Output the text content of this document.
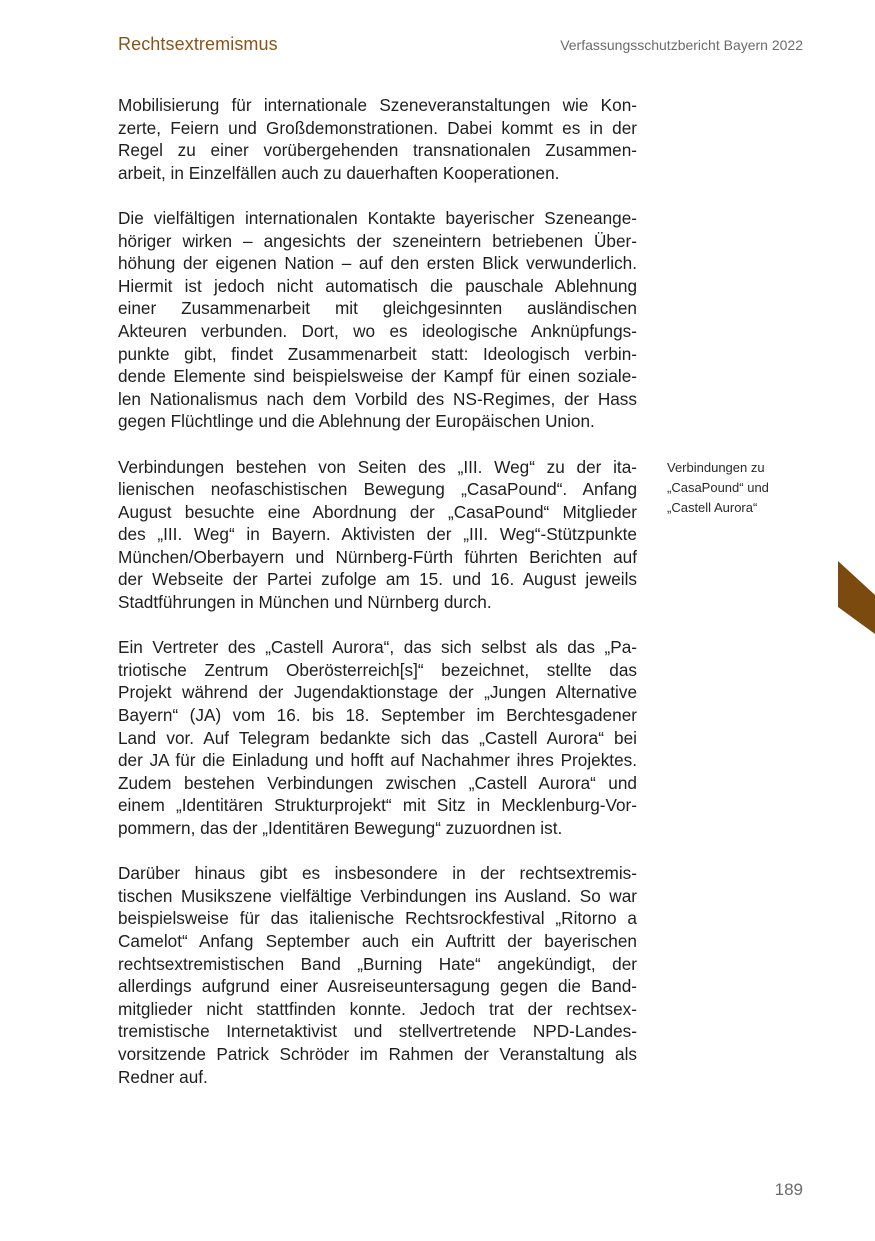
Rechtsextremismus	Verfassungsschutzbericht Bayern 2022

Mobilisierung für internationale Szeneveranstaltungen wie Kon-
zerte, Feiern und Großdemonstrationen. Dabei kommt es in der
Regel zu einer vorübergehenden transnationalen Zusammen-
arbeit, in Einzelfällen auch zu dauerhaften Kooperationen.

Die vielfältigen internationalen Kontakte bayerischer Szeneange-
höriger wirken – angesichts der szeneintern betriebenen Über-
höhung der eigenen Nation – auf den ersten Blick verwunderlich.
Hiermit ist jedoch nicht automatisch die pauschale Ablehnung
einer Zusammenarbeit mit gleichgesinnten ausländischen
Akteuren verbunden. Dort, wo es ideologische Anknüpfungs-
punkte gibt, findet Zusammenarbeit statt: Ideologisch verbin-
dende Elemente sind beispielsweise der Kampf für einen soziale-
len Nationalismus nach dem Vorbild des NS-Regimes, der Hass
gegen Flüchtlinge und die Ablehnung der Europäischen Union.

Verbindungen bestehen von Seiten des „III. Weg“ zu der ita-
lienischen neofaschistischen Bewegung „CasaPound“. Anfang
August besuchte eine Abordnung der „CasaPound“ Mitglieder
des „III. Weg“ in Bayern. Aktivisten der „III. Weg“-Stützpunkte
München/Oberbayern und Nürnberg-Fürth führten Berichten auf
der Webseite der Partei zufolge am 15. und 16. August jeweils
Stadtführungen in München und Nürnberg durch.

Ein Vertreter des „Castell Aurora“, das sich selbst als das „Pa-
triotische Zentrum Oberösterreich[s]“ bezeichnet, stellte das
Projekt während der Jugendaktionstage der „Jungen Alternative
Bayern“ (JA) vom 16. bis 18. September im Berchtesgadener
Land vor. Auf Telegram bedankte sich das „Castell Aurora“ bei
der JA für die Einladung und hofft auf Nachahmer ihres Projektes.
Zudem bestehen Verbindungen zwischen „Castell Aurora“ und
einem „Identitären Strukturprojekt“ mit Sitz in Mecklenburg-Vor-
pommern, das der „Identitären Bewegung“ zuzuordnen ist.

Darüber hinaus gibt es insbesondere in der rechtsextremis-
tischen Musikszene vielfältige Verbindungen ins Ausland. So war
beispielsweise für das italienische Rechtsrockfestival „Ritorno a
Camelot“ Anfang September auch ein Auftritt der bayerischen
rechtsextremistischen Band „Burning Hate“ angekündigt, der
allerdings aufgrund einer Ausreiseuntersagung gegen die Band-
mitglieder nicht stattfinden konnte. Jedoch trat der rechtsex-
tremistische Internetaktivist und stellvertretende NPD-Landes-
vorsitzende Patrick Schröder im Rahmen der Veranstaltung als
Redner auf.

Verbindungen zu
„CasaPound“ und
„Castell Aurora“
189
